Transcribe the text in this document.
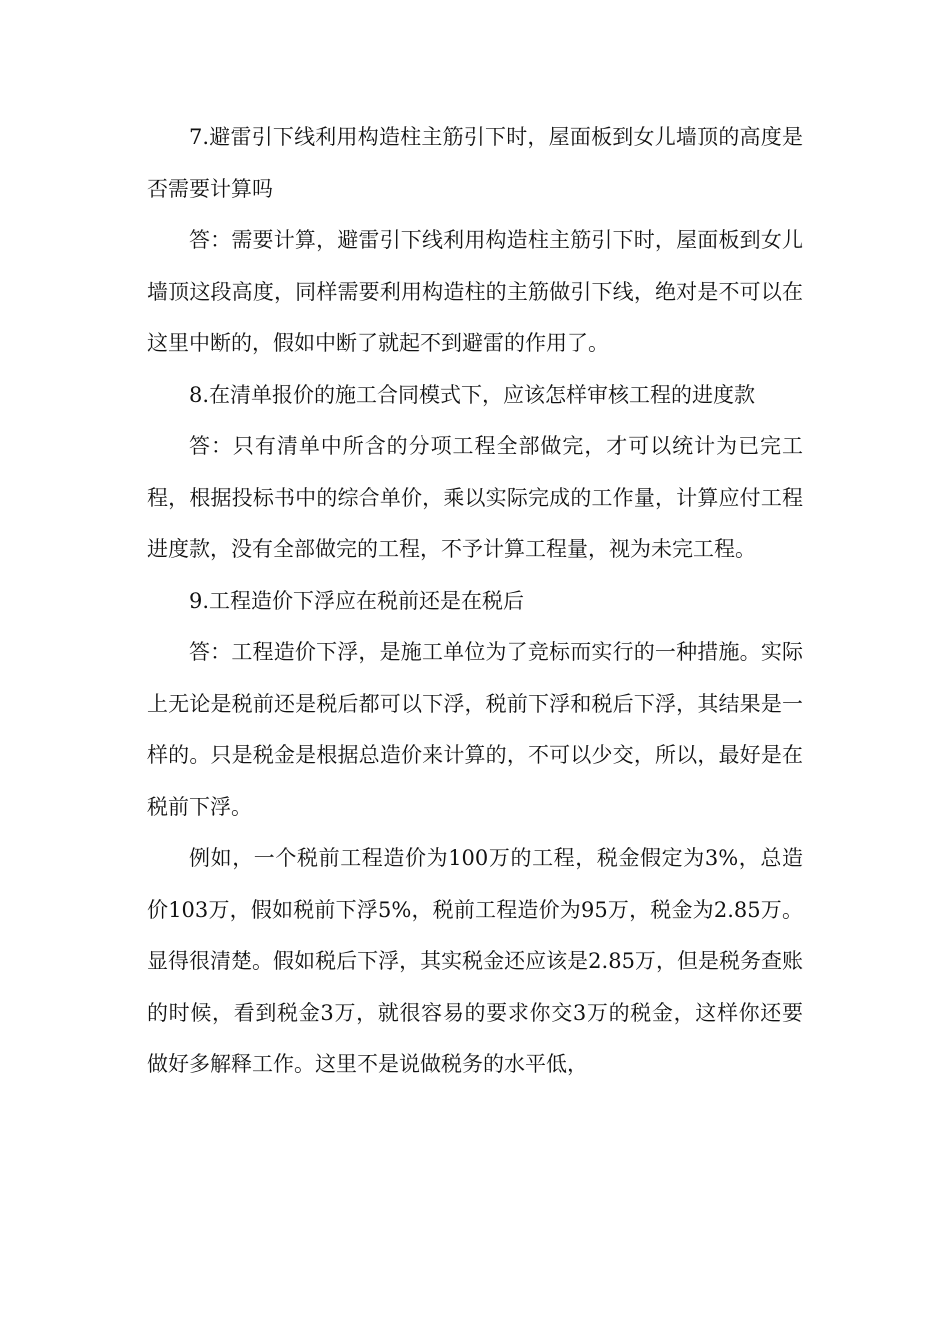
7.避雷引下线利用构造柱主筋引下时，屋面板到女儿墙顶的高度是否需要计算吗

答：需要计算，避雷引下线利用构造柱主筋引下时，屋面板到女儿墙顶这段高度，同样需要利用构造柱的主筋做引下线，绝对是不可以在这里中断的，假如中断了就起不到避雷的作用了。

8.在清单报价的施工合同模式下，应该怎样审核工程的进度款

答：只有清单中所含的分项工程全部做完，才可以统计为已完工程，根据投标书中的综合单价，乘以实际完成的工作量，计算应付工程进度款，没有全部做完的工程，不予计算工程量，视为未完工程。

9.工程造价下浮应在税前还是在税后

答：工程造价下浮，是施工单位为了竞标而实行的一种措施。实际上无论是税前还是税后都可以下浮，税前下浮和税后下浮，其结果是一样的。只是税金是根据总造价来计算的，不可以少交，所以，最好是在税前下浮。

例如，一个税前工程造价为100万的工程，税金假定为3%，总造价103万，假如税前下浮5%，税前工程造价为95万，税金为2.85万。显得很清楚。假如税后下浮，其实税金还应该是2.85万，但是税务查账的时候，看到税金3万，就很容易的要求你交3万的税金，这样你还要做好多解释工作。这里不是说做税务的水平低，
